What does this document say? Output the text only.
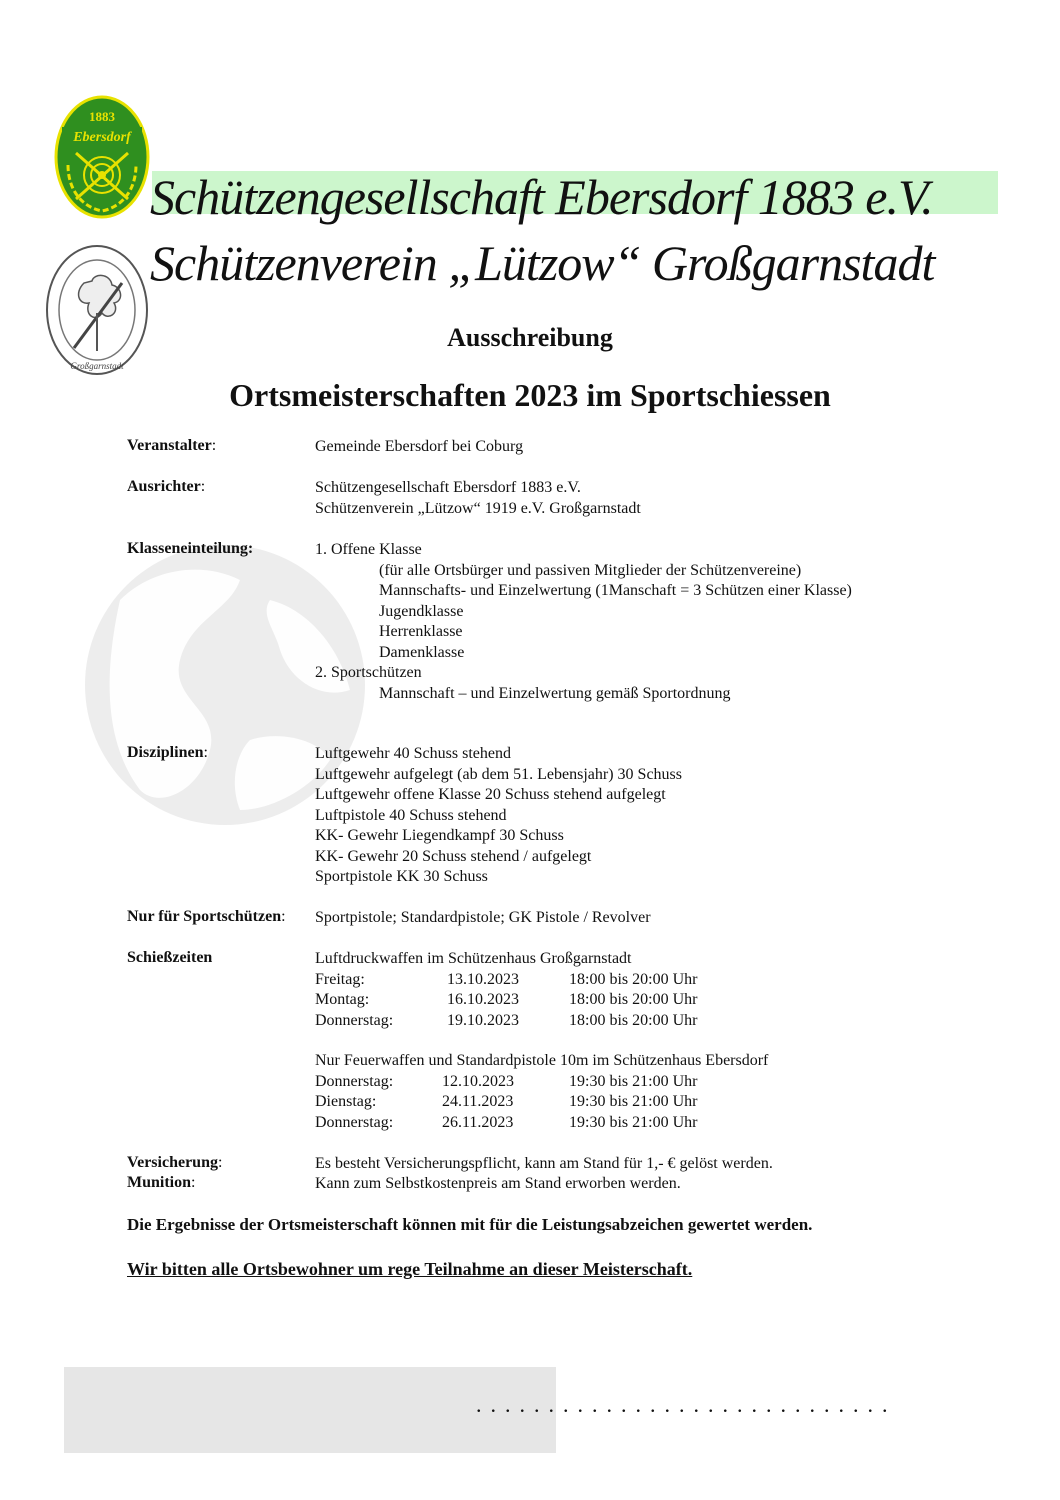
1883
Ebersdorf
Großgarnstadt
Schützengesellschaft Ebersdorf 1883 e.V.
Schützenverein „Lützow“ Großgarnstadt
Ausschreibung
Ortsmeisterschaften 2023 im Sportschiessen
Veranstalter:	Gemeinde Ebersdorf bei Coburg
Ausrichter:	Schützengesellschaft Ebersdorf 1883 e.V.
Schützenverein „Lützow“ 1919 e.V. Großgarnstadt
Klasseneinteilung:	1. Offene Klasse
(für alle Ortsbürger und passiven Mitglieder der Schützenvereine)
Mannschafts- und Einzelwertung (1Manschaft = 3 Schützen einer Klasse)
Jugendklasse
Herrenklasse
Damenklasse
2. Sportschützen
Mannschaft – und Einzelwertung gemäß Sportordnung
Disziplinen:	Luftgewehr 40 Schuss stehend
Luftgewehr aufgelegt (ab dem 51. Lebensjahr) 30 Schuss
Luftgewehr offene Klasse 20 Schuss stehend aufgelegt
Luftpistole 40 Schuss stehend
KK- Gewehr Liegendkampf 30 Schuss
KK- Gewehr 20 Schuss stehend / aufgelegt
Sportpistole KK 30 Schuss
Nur für Sportschützen: Sportpistole; Standardpistole; GK Pistole / Revolver
Schießzeiten	Luftdruckwaffen im Schützenhaus Großgarnstadt
Freitag:	13.10.2023	18:00 bis 20:00 Uhr
Montag:	16.10.2023	18:00 bis 20:00 Uhr
Donnerstag:	19.10.2023	18:00 bis 20:00 Uhr
Nur Feuerwaffen und Standardpistole 10m im Schützenhaus Ebersdorf
Donnerstag:	12.10.2023	19:30 bis 21:00 Uhr
Dienstag:	24.11.2023	19:30 bis 21:00 Uhr
Donnerstag:	26.11.2023	19:30 bis 21:00 Uhr
Versicherung:	Es besteht Versicherungspflicht, kann am Stand für 1,- € gelöst werden.
Munition:	Kann zum Selbstkostenpreis am Stand erworben werden.
Die Ergebnisse der Ortsmeisterschaft können mit für die Leistungsabzeichen gewertet werden.
Wir bitten alle Ortsbewohner um rege Teilnahme an dieser Meisterschaft.
.............................
